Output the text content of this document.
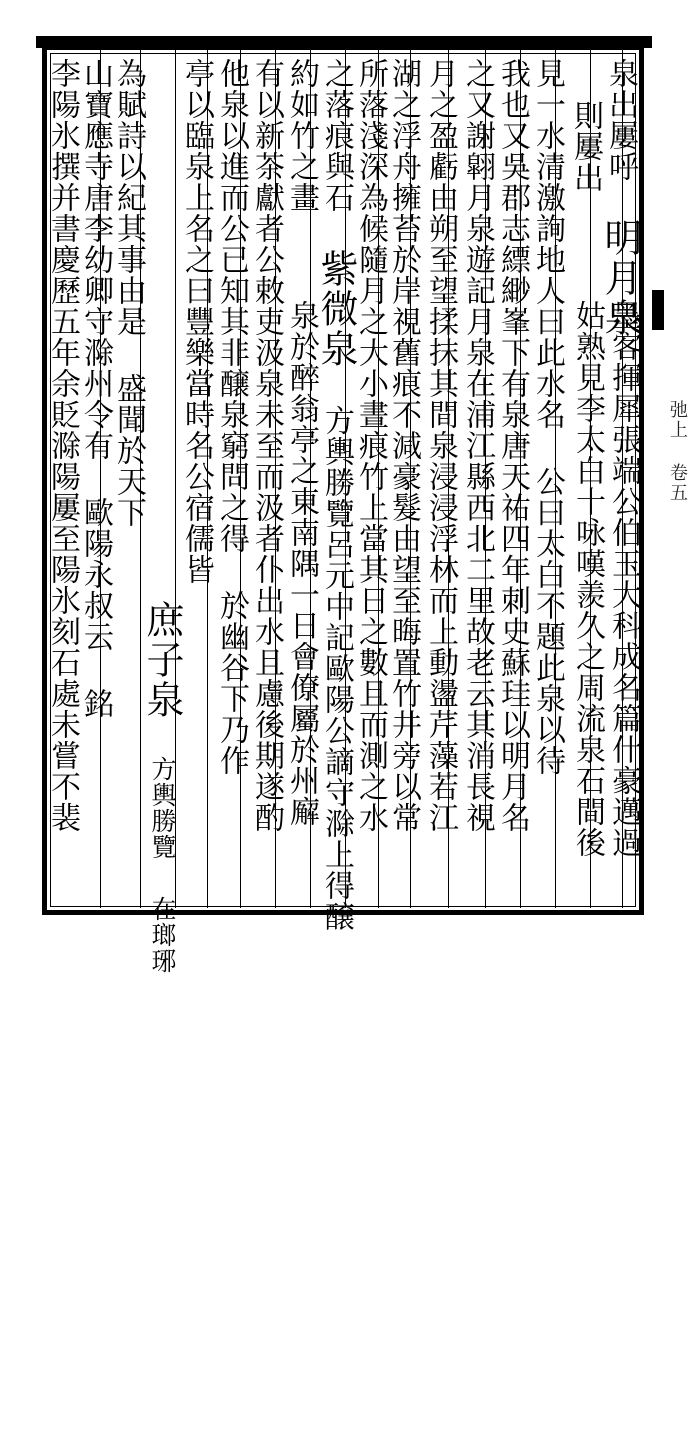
弛上 卷五
泉出屢呼 明月泉
則屢出
墨客揮犀張端公伯玉大科成名篇什豪邁過
姑熟見李太白十咏嘆羨久之周流泉石間後
見一水清激詢地人曰此水名 公曰太白不題此泉以待
我也又吳郡志縹緲峯下有泉唐天祐四年刺史蘇珪以明月名
之又謝翶月泉遊記月泉在浦江縣西北二里故老云其消長視
月之盈虧由朔至望揉抹其間泉浸浸浮林而上動盪芹藻若江
湖之浮舟擁苔於岸視舊痕不減豪髮由望至晦置竹井旁以常
所落淺深為候隨月之大小晝痕竹上當其日之數且而測之水
之落痕與石 紫微泉 方輿勝覽呂元中記歐陽公謫守滁上得醸
約如竹之畫
泉於醉翁亭之東南隅一日會僚屬於州廨
有以新茶獻者公敕吏汲泉未至而汲者仆出水且慮後期遂酌
他泉以進而公已知其非醸泉窮問之得 於幽谷下乃作
亭以臨泉上名之曰豐樂當時名公宿儒皆
庶子泉 方輿勝覽 在瑯琊
為賦詩以紀其事由是 盛聞於天下
山寶應寺唐李幼卿守滁州令有 歐陽永叔云 銘
李陽氷撰并書慶歷五年余貶滁陽屢至陽氷刻石處未嘗不裴
